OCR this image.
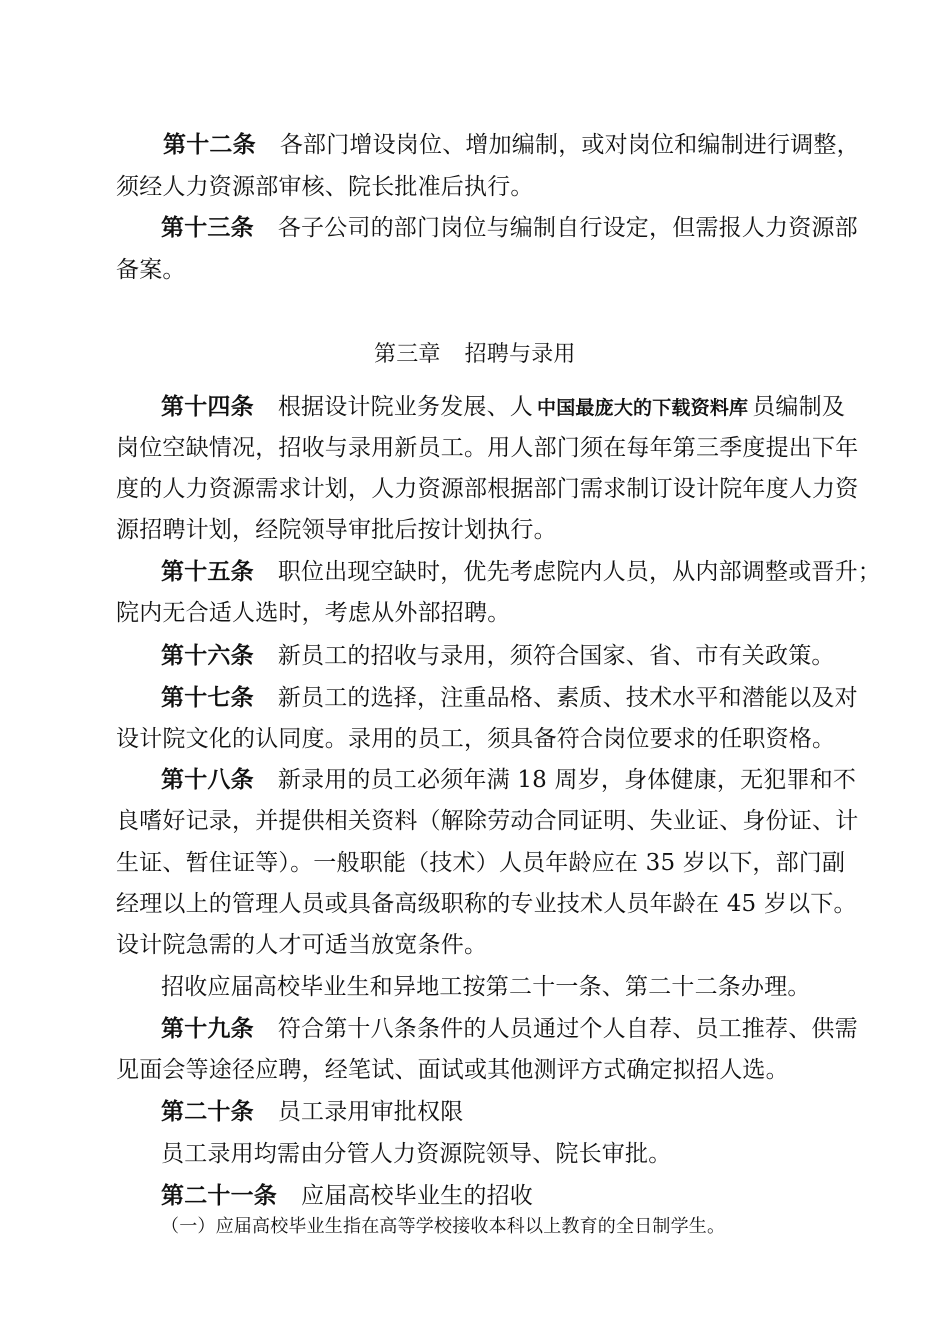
第十二条 各部门增设岗位、增加编制，或对岗位和编制进行调整，
须经人力资源部审核、院长批准后执行。
第十三条 各子公司的部门岗位与编制自行设定，但需报人力资源部
备案。
第三章 招聘与录用
第十四条 根据设计院业务发展、人 中国最庞大的下载资料库 员编制及
岗位空缺情况，招收与录用新员工。用人部门须在每年第三季度提出下年
度的人力资源需求计划，人力资源部根据部门需求制订设计院年度人力资
源招聘计划，经院领导审批后按计划执行。
第十五条 职位出现空缺时，优先考虑院内人员，从内部调整或晋升；
院内无合适人选时，考虑从外部招聘。
第十六条 新员工的招收与录用，须符合国家、省、市有关政策。
第十七条 新员工的选择，注重品格、素质、技术水平和潜能以及对
设计院文化的认同度。录用的员工，须具备符合岗位要求的任职资格。
第十八条 新录用的员工必须年满 18 周岁，身体健康，无犯罪和不
良嗜好记录，并提供相关资料（解除劳动合同证明、失业证、身份证、计
生证、暂住证等）。一般职能（技术）人员年龄应在 35 岁以下，部门副
经理以上的管理人员或具备高级职称的专业技术人员年龄在 45 岁以下。
设计院急需的人才可适当放宽条件。
招收应届高校毕业生和异地工按第二十一条、第二十二条办理。
第十九条 符合第十八条条件的人员通过个人自荐、员工推荐、供需
见面会等途径应聘，经笔试、面试或其他测评方式确定拟招人选。
第二十条 员工录用审批权限
员工录用均需由分管人力资源院领导、院长审批。
第二十一条 应届高校毕业生的招收
（一）应届高校毕业生指在高等学校接收本科以上教育的全日制学生。
